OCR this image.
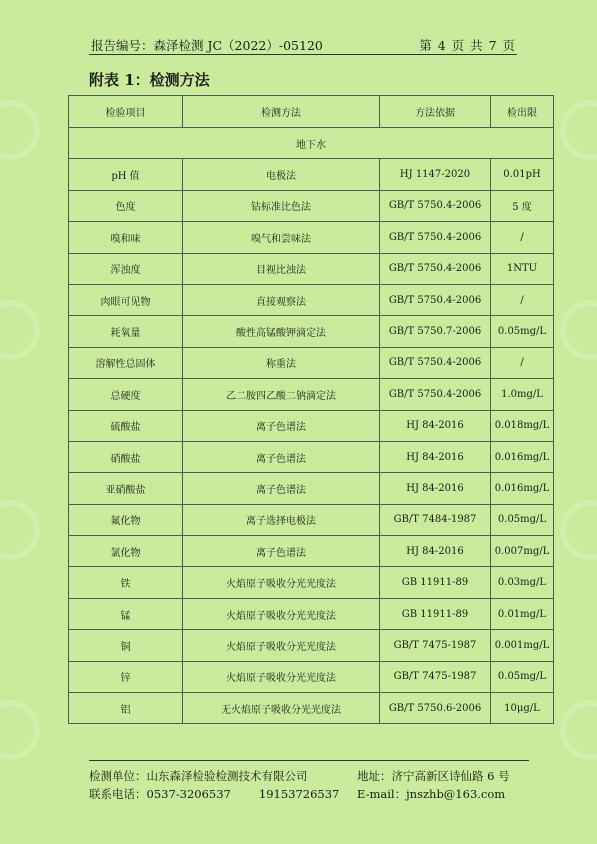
报告编号：森泽检测 JC（2022）-05120	第 4 页 共 7 页
附表 1：检测方法
检验项目	检测方法	方法依据	检出限
地下水			
pH 值	电极法	HJ 1147-2020	0.01pH
色度	钴标准比色法	GB/T 5750.4-2006	5 度
嗅和味	嗅气和尝味法	GB/T 5750.4-2006	/
浑浊度	目视比浊法	GB/T 5750.4-2006	1NTU
肉眼可见物	直接观察法	GB/T 5750.4-2006	/
耗氧量	酸性高锰酸钾滴定法	GB/T 5750.7-2006	0.05mg/L
溶解性总固体	称重法	GB/T 5750.4-2006	/
总硬度	乙二胺四乙酸二钠滴定法	GB/T 5750.4-2006	1.0mg/L
硫酸盐	离子色谱法	HJ 84-2016	0.018mg/L
硝酸盐	离子色谱法	HJ 84-2016	0.016mg/L
亚硝酸盐	离子色谱法	HJ 84-2016	0.016mg/L
氟化物	离子选择电极法	GB/T 7484-1987	0.05mg/L
氯化物	离子色谱法	HJ 84-2016	0.007mg/L
铁	火焰原子吸收分光光度法	GB 11911-89	0.03mg/L
锰	火焰原子吸收分光光度法	GB 11911-89	0.01mg/L
铜	火焰原子吸收分光光度法	GB/T 7475-1987	0.001mg/L
锌	火焰原子吸收分光光度法	GB/T 7475-1987	0.05mg/L
铝	无火焰原子吸收分光光度法	GB/T 5750.6-2006	10μg/L
检测单位：山东森泽检验检测技术有限公司	地址：济宁高新区诗仙路 6 号
联系电话：0537-3206537 19153726537 E-mail：jnszhb@163.com
